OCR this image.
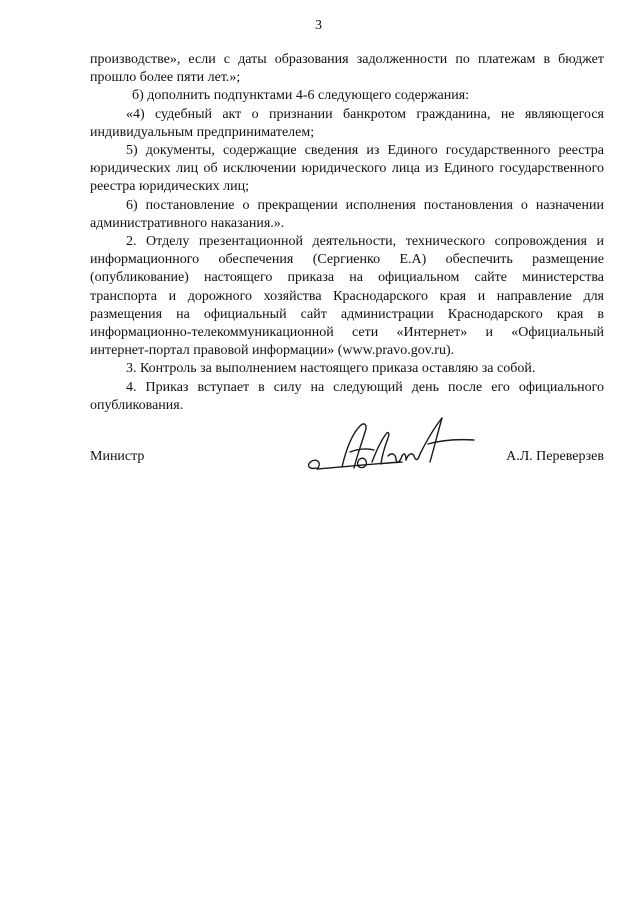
3

производстве», если с даты образования задолженности по платежам в бюджет прошло более пяти лет.»;

б) дополнить подпунктами 4-6 следующего содержания:

«4) судебный акт о признании банкротом гражданина, не являющегося индивидуальным предпринимателем;

5) документы, содержащие сведения из Единого государственного реестра юридических лиц об исключении юридического лица из Единого государственного реестра юридических лиц;

6) постановление о прекращении исполнения постановления о назначении административного наказания.».

2. Отделу презентационной деятельности, технического сопровождения и информационного обеспечения (Сергиенко Е.А) обеспечить размещение (опубликование) настоящего приказа на официальном сайте министерства транспорта и дорожного хозяйства Краснодарского края и направление для размещения на официальный сайт администрации Краснодарского края в информационно-телекоммуникационной сети «Интернет» и «Официальный интернет-портал правовой информации» (www.pravo.gov.ru).

3. Контроль за выполнением настоящего приказа оставляю за собой.

4. Приказ вступает в силу на следующий день после его официального опубликования.

Министр	А.Л. Переверзев
